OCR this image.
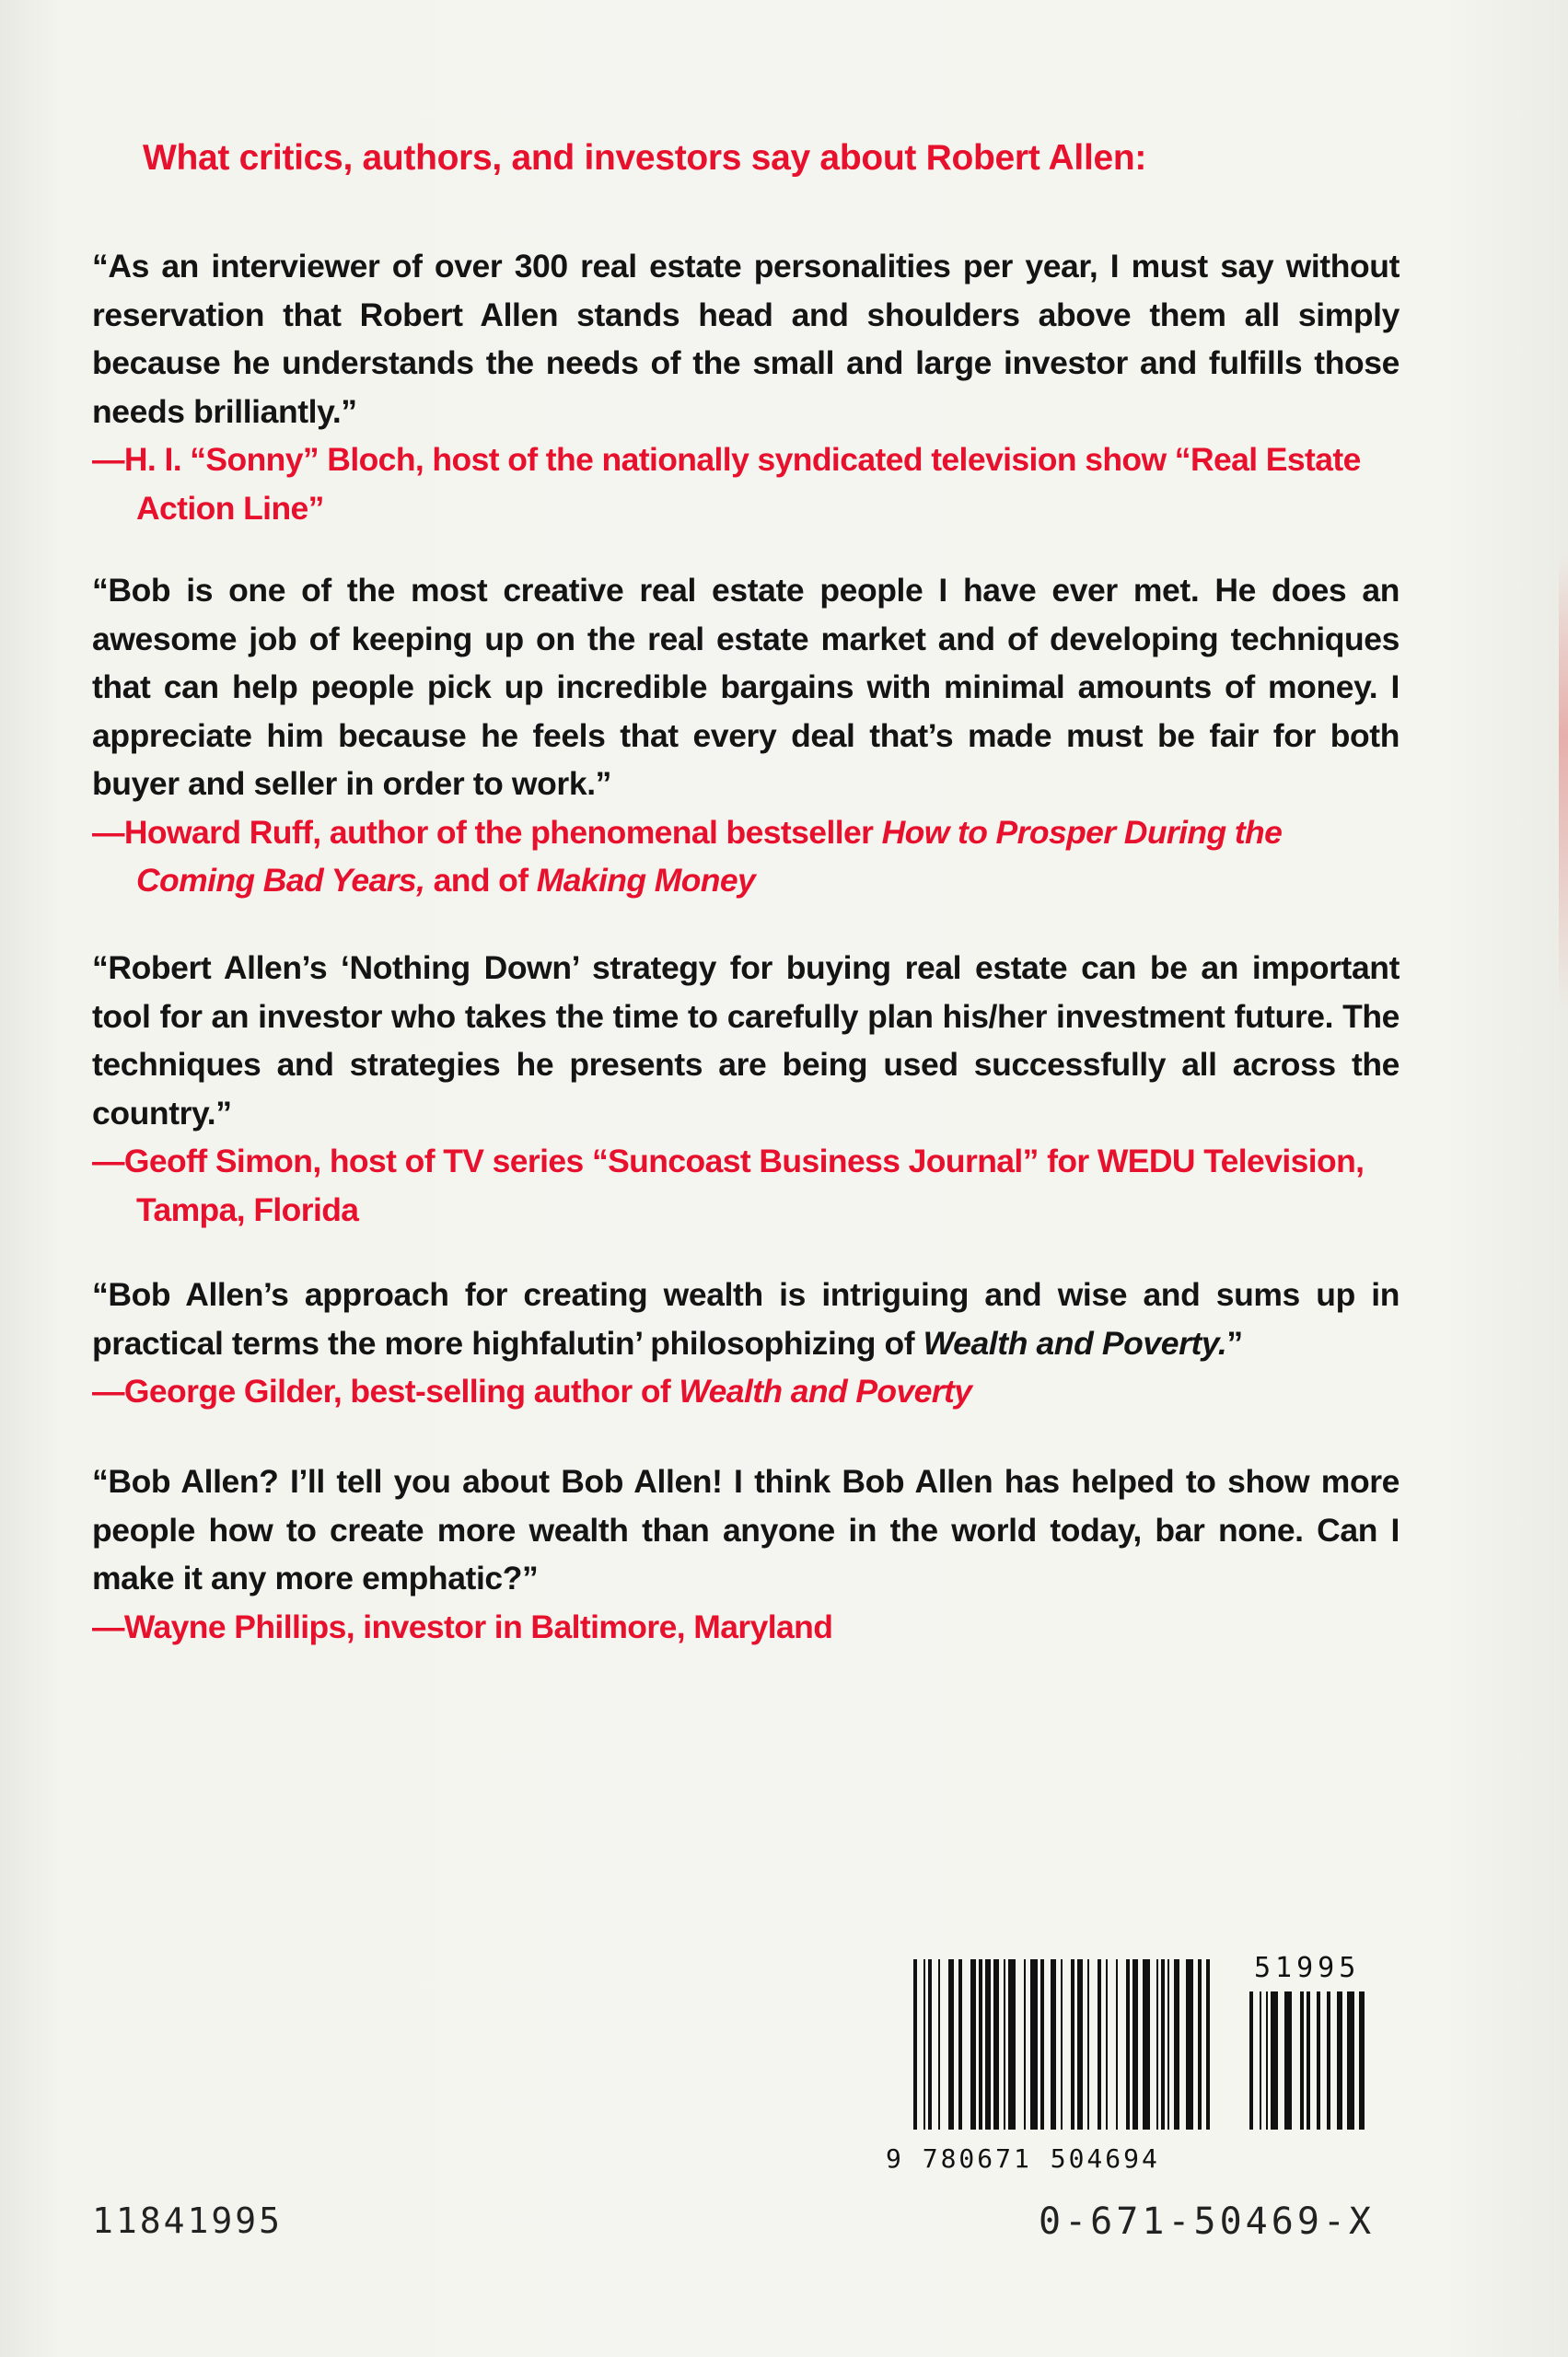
What critics, authors, and investors say about Robert Allen:
“As an interviewer of over 300 real estate personalities per year, I must say without reservation that Robert Allen stands head and shoulders above them all simply because he understands the needs of the small and large investor and fulfills those needs brilliantly.”
—H. I. “Sonny” Bloch, host of the nationally syndicated television show “Real Estate Action Line”
“Bob is one of the most creative real estate people I have ever met. He does an awesome job of keeping up on the real estate market and of developing techniques that can help people pick up incredible bargains with minimal amounts of money. I appreciate him because he feels that every deal that’s made must be fair for both buyer and seller in order to work.”
—Howard Ruff, author of the phenomenal bestseller How to Prosper During the Coming Bad Years, and of Making Money
“Robert Allen’s ‘Nothing Down’ strategy for buying real estate can be an important tool for an investor who takes the time to carefully plan his/her investment future. The techniques and strategies he presents are being used successfully all across the country.”
—Geoff Simon, host of TV series “Suncoast Business Journal” for WEDU Television, Tampa, Florida
“Bob Allen’s approach for creating wealth is intriguing and wise and sums up in practical terms the more highfalutin’ philosophizing of Wealth and Poverty.”
—George Gilder, best-selling author of Wealth and Poverty
“Bob Allen? I’ll tell you about Bob Allen! I think Bob Allen has helped to show more people how to create more wealth than anyone in the world today, bar none. Can I make it any more emphatic?”
—Wayne Phillips, investor in Baltimore, Maryland
51995
9 780671 504694
11841995	0-671-50469-X
